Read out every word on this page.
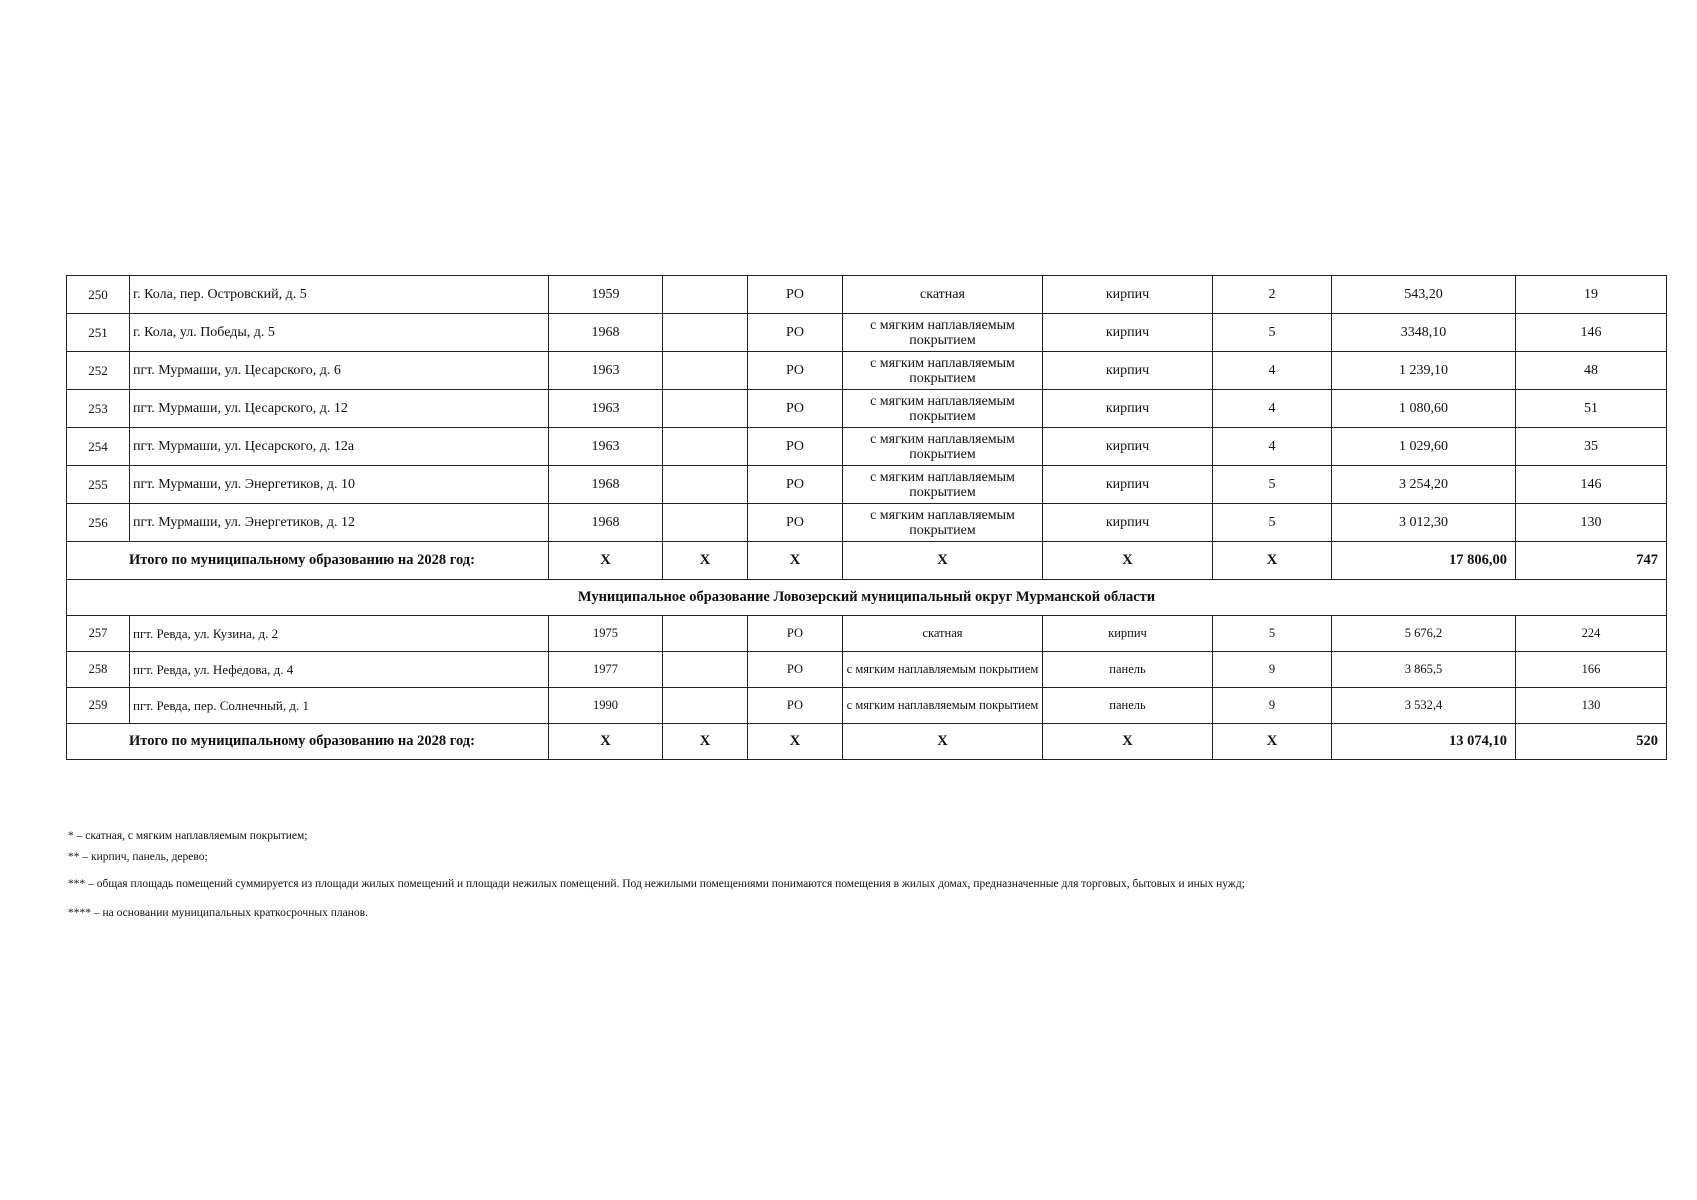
250	г. Кола, пер. Островский, д. 5	1959		РО	скатная	кирпич	2	543,20	19
251	г. Кола, ул. Победы, д. 5	1968		РО	с мягким наплавляемым покрытием	кирпич	5	3348,10	146
252	пгт. Мурмаши, ул. Цесарского, д. 6	1963		РО	с мягким наплавляемым покрытием	кирпич	4	1 239,10	48
253	пгт. Мурмаши, ул. Цесарского, д. 12	1963		РО	с мягким наплавляемым покрытием	кирпич	4	1 080,60	51
254	пгт. Мурмаши, ул. Цесарского, д. 12а	1963		РО	с мягким наплавляемым покрытием	кирпич	4	1 029,60	35
255	пгт. Мурмаши, ул. Энергетиков, д. 10	1968		РО	с мягким наплавляемым покрытием	кирпич	5	3 254,20	146
256	пгт. Мурмаши, ул. Энергетиков, д. 12	1968		РО	с мягким наплавляемым покрытием	кирпич	5	3 012,30	130
Итого по муниципальному образованию на 2028 год:		Х	Х	Х	Х	Х	Х	17 806,00	747
Муниципальное образование Ловозерский муниципальный округ Мурманской области									
257	пгт. Ревда, ул. Кузина, д. 2	1975		РО	скатная	кирпич	5	5 676,2	224
258	пгт. Ревда, ул. Нефедова, д. 4	1977		РО	с мягким наплавляемым покрытием	панель	9	3 865,5	166
259	пгт. Ревда, пер. Солнечный, д. 1	1990		РО	с мягким наплавляемым покрытием	панель	9	3 532,4	130
Итого по муниципальному образованию на 2028 год:		Х	Х	Х	Х	Х	Х	13 074,10	520
* – скатная, с мягким наплавляемым покрытием;
** – кирпич, панель, дерево;
*** – общая площадь помещений суммируется из площади жилых помещений и площади нежилых помещений. Под нежилыми помещениями понимаются помещения в жилых домах, предназначенные для торговых, бытовых и иных нужд;
**** – на основании муниципальных краткосрочных планов.
